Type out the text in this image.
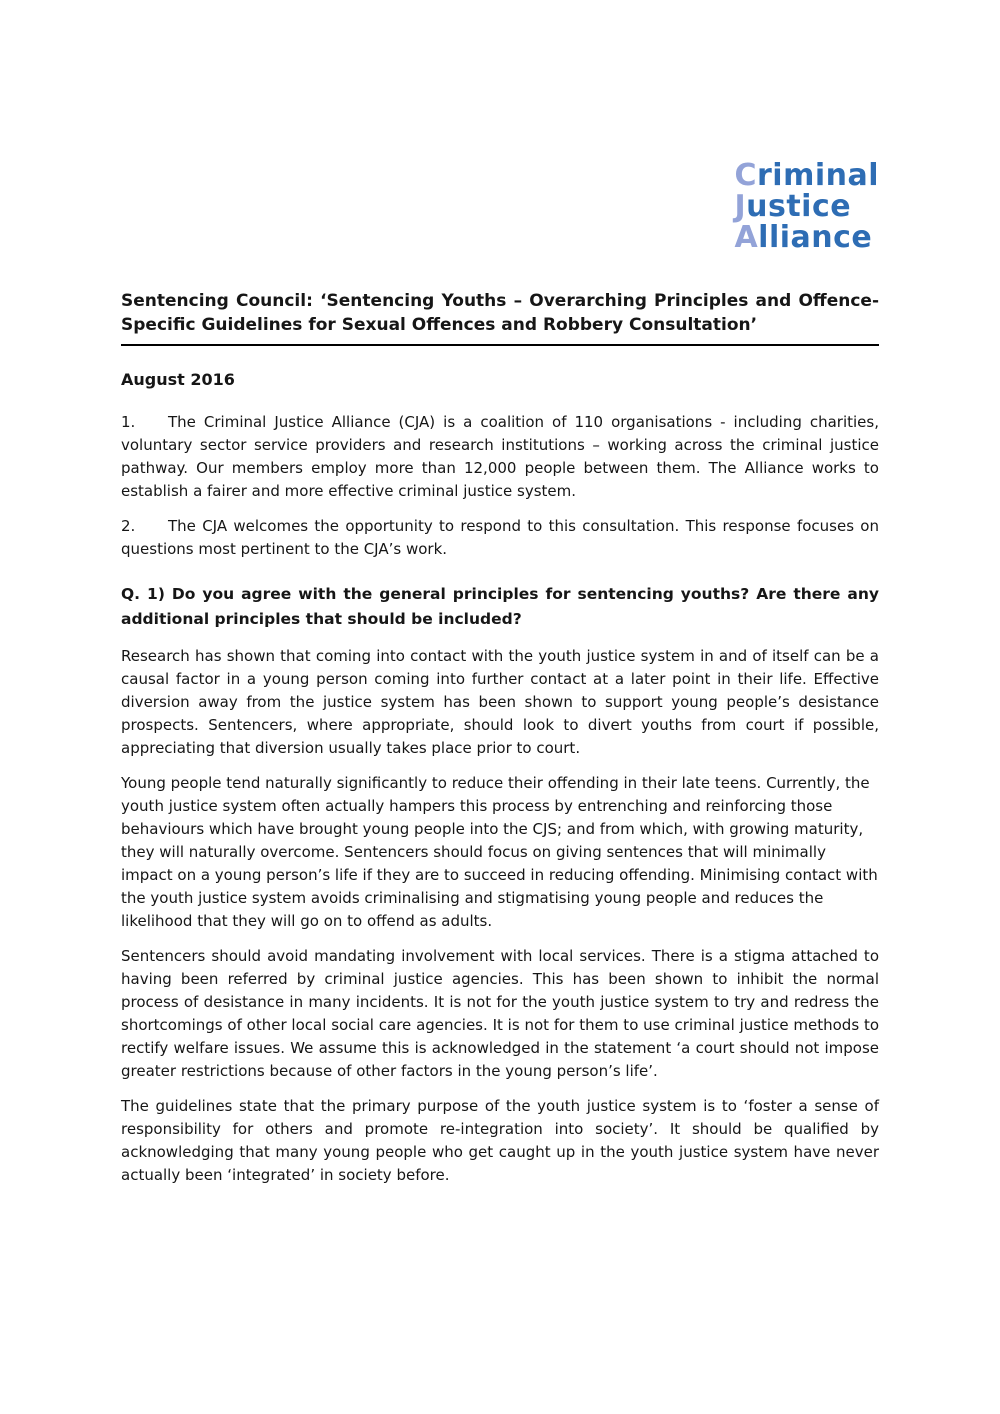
Criminal
Justice
Alliance
Sentencing Council: ‘Sentencing Youths – Overarching Principles and Offence-Specific Guidelines for Sexual Offences and Robbery Consultation’

August 2016

1. The Criminal Justice Alliance (CJA) is a coalition of 110 organisations - including charities, voluntary sector service providers and research institutions – working across the criminal justice pathway. Our members employ more than 12,000 people between them. The Alliance works to establish a fairer and more effective criminal justice system.

2. The CJA welcomes the opportunity to respond to this consultation. This response focuses on questions most pertinent to the CJA’s work.

Q. 1) Do you agree with the general principles for sentencing youths? Are there any additional principles that should be included?

Research has shown that coming into contact with the youth justice system in and of itself can be a causal factor in a young person coming into further contact at a later point in their life. Effective diversion away from the justice system has been shown to support young people’s desistance prospects. Sentencers, where appropriate, should look to divert youths from court if possible, appreciating that diversion usually takes place prior to court.

Young people tend naturally significantly to reduce their offending in their late teens. Currently, the youth justice system often actually hampers this process by entrenching and reinforcing those behaviours which have brought young people into the CJS; and from which, with growing maturity, they will naturally overcome. Sentencers should focus on giving sentences that will minimally impact on a young person’s life if they are to succeed in reducing offending. Minimising contact with the youth justice system avoids criminalising and stigmatising young people and reduces the likelihood that they will go on to offend as adults.

Sentencers should avoid mandating involvement with local services. There is a stigma attached to having been referred by criminal justice agencies. This has been shown to inhibit the normal process of desistance in many incidents. It is not for the youth justice system to try and redress the shortcomings of other local social care agencies. It is not for them to use criminal justice methods to rectify welfare issues. We assume this is acknowledged in the statement ‘a court should not impose greater restrictions because of other factors in the young person’s life’.

The guidelines state that the primary purpose of the youth justice system is to ‘foster a sense of responsibility for others and promote re-integration into society’. It should be qualified by acknowledging that many young people who get caught up in the youth justice system have never actually been ‘integrated’ in society before.
